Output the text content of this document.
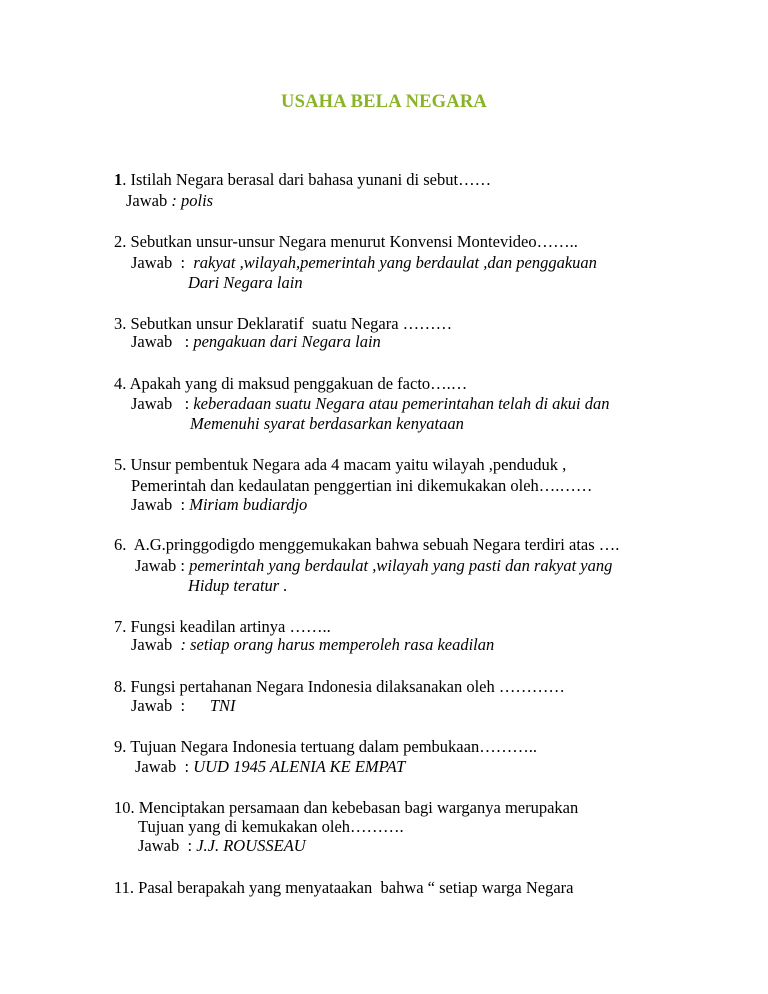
USAHA BELA NEGARA
1. Istilah Negara berasal dari bahasa yunani di sebut……
Jawab : polis
2. Sebutkan unsur-unsur Negara menurut Konvensi Montevideo……..
Jawab  :  rakyat ,wilayah,pemerintah yang berdaulat ,dan penggakuan
Dari Negara lain
3. Sebutkan unsur Deklaratif  suatu Negara ………
Jawab   : pengakuan dari Negara lain
4. Apakah yang di maksud penggakuan de facto….…
Jawab   : keberadaan suatu Negara atau pemerintahan telah di akui dan
Memenuhi syarat berdasarkan kenyataan
5. Unsur pembentuk Negara ada 4 macam yaitu wilayah ,penduduk ,
Pemerintah dan kedaulatan penggertian ini dikemukakan oleh….……
Jawab  : Miriam budiardjo
6.  A.G.pringgodigdo menggemukakan bahwa sebuah Negara terdiri atas ….
Jawab : pemerintah yang berdaulat ,wilayah yang pasti dan rakyat yang
Hidup teratur .
7. Fungsi keadilan artinya ……..
Jawab  : setiap orang harus memperoleh rasa keadilan
8. Fungsi pertahanan Negara Indonesia dilaksanakan oleh …………
Jawab  :      TNI
9. Tujuan Negara Indonesia tertuang dalam pembukaan………..
Jawab  : UUD 1945 ALENIA KE EMPAT
10. Menciptakan persamaan dan kebebasan bagi warganya merupakan
Tujuan yang di kemukakan oleh……….
Jawab  : J.J. ROUSSEAU
11. Pasal berapakah yang menyataakan  bahwa “ setiap warga Negara
